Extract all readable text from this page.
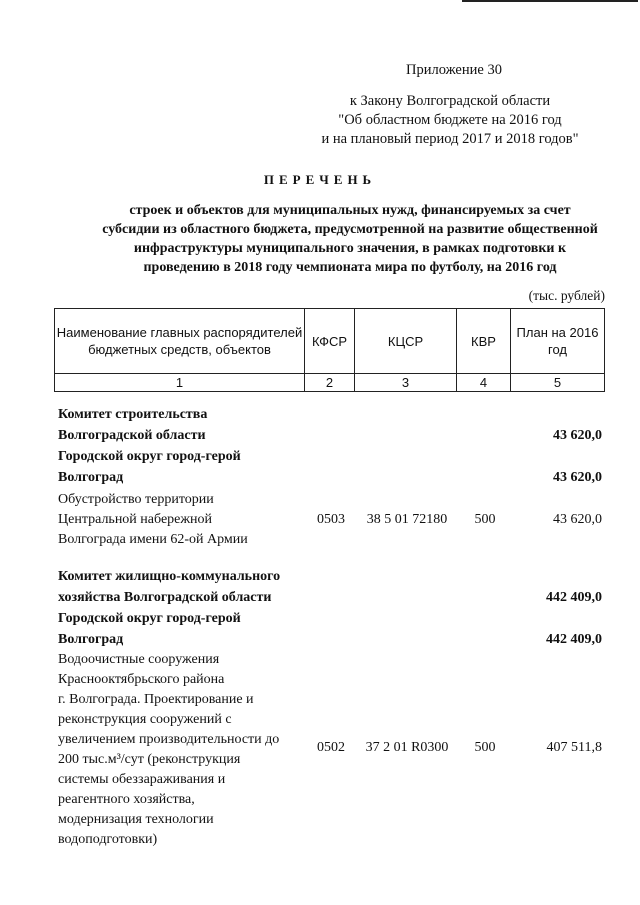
Приложение 30
к Закону Волгоградской области
"Об областном бюджете на 2016 год
и на плановый период 2017 и 2018 годов"
ПЕРЕЧЕНЬ
строек и объектов для муниципальных нужд, финансируемых за счет
субсидии из областного бюджета, предусмотренной на развитие общественной
инфраструктуры муниципального значения, в рамках подготовки к
проведению в 2018 году чемпионата мира по футболу, на 2016 год
(тыс. рублей)
Наименование главных распорядителей бюджетных средств, объектов	КФСР	КЦСР	КВР	План на 2016 год
1	2	3	4	5
Комитет строительства
Волгоградской области	43 620,0
Городской округ город-герой
Волгоград	43 620,0
Обустройство территории
Центральной набережной
Волгограда имени 62-ой Армии
0503	38 5 01 72180	500	43 620,0
Комитет жилищно-коммунального
хозяйства Волгоградской области	442 409,0
Городской округ город-герой
Волгоград	442 409,0
Водоочистные сооружения
Краснооктябрьского района
г. Волгограда. Проектирование и
реконструкция сооружений с
увеличением производительности до
200 тыс.м³/сут (реконструкция
системы обеззараживания и
реагентного хозяйства,
модернизация технологии
водоподготовки)
0502	37 2 01 R0300	500	407 511,8
